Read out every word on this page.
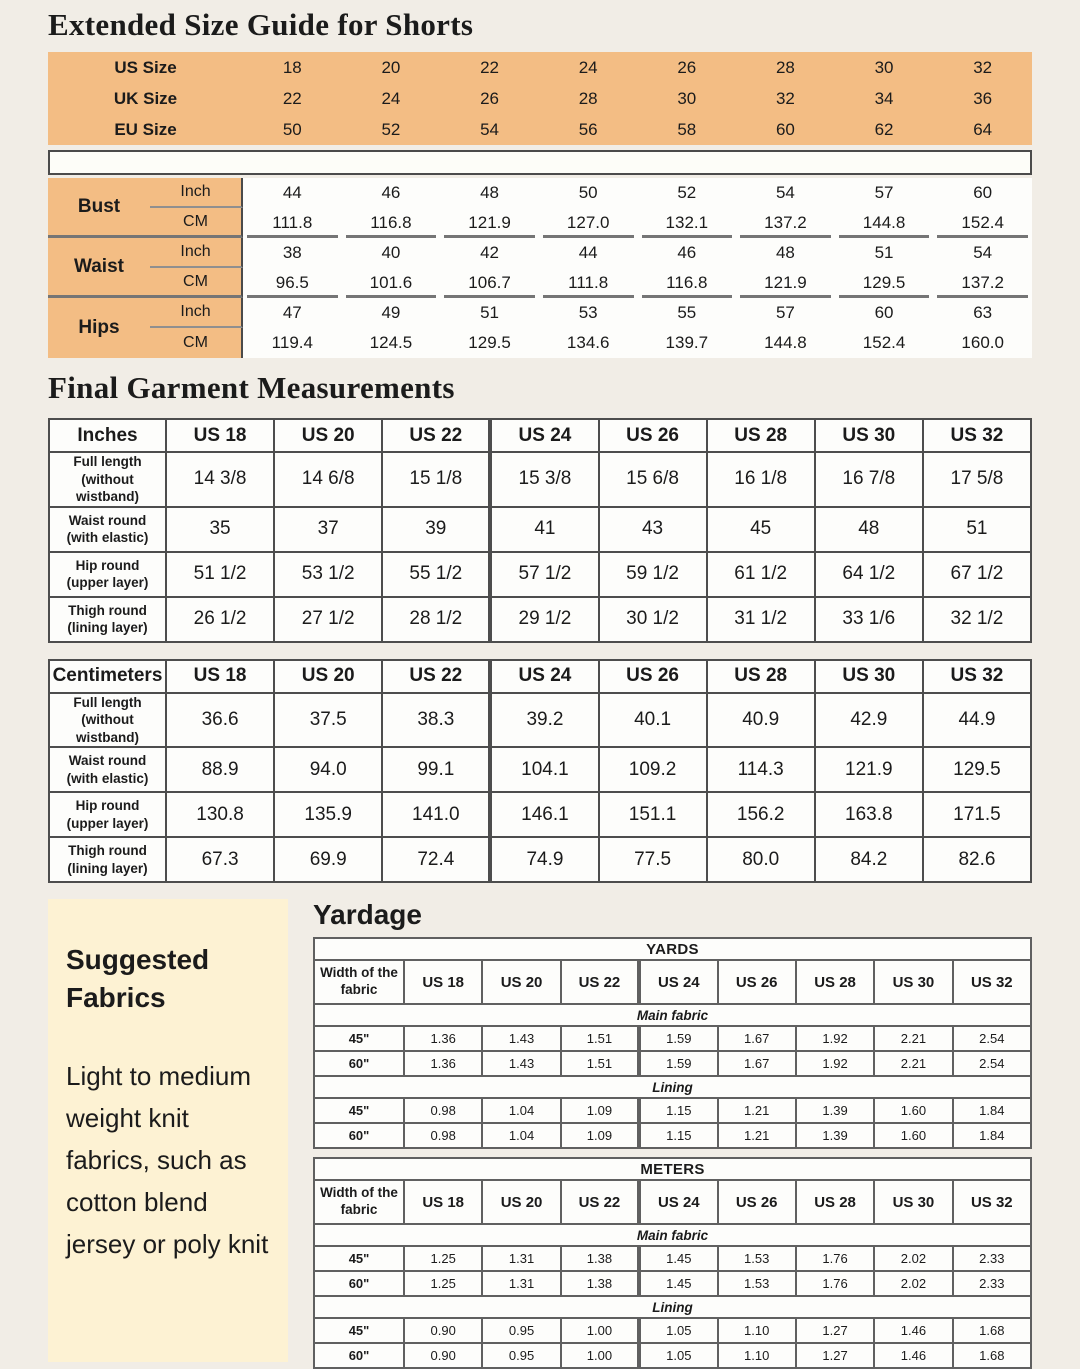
Extended Size Guide for Shorts
US Size	18	20	22	24	26	28	30	32
UK Size	22	24	26	28	30	32	34	36
EU Size	50	52	54	56	58	60	62	64
Bust
Inch	44	46	48	50	52	54	57	60
CM	111.8	116.8	121.9	127.0	132.1	137.2	144.8	152.4
Waist
Inch	38	40	42	44	46	48	51	54
CM	96.5	101.6	106.7	111.8	116.8	121.9	129.5	137.2
Hips
Inch	47	49	51	53	55	57	60	63
CM	119.4	124.5	129.5	134.6	139.7	144.8	152.4	160.0
Final Garment Measurements
Inches	US 18	US 20	US 22	US 24	US 26	US 28	US 30	US 32

Full length
(without wistband)	14 3/8	14 6/8	15 1/8	15 3/8	15 6/8	16 1/8	16 7/8	17 5/8

Waist round
(with elastic)	35	37	39	41	43	45	48	51

Hip round
(upper layer)	51 1/2	53 1/2	55 1/2	57 1/2	59 1/2	61 1/2	64 1/2	67 1/2

Thigh round
(lining layer)	26 1/2	27 1/2	28 1/2	29 1/2	30 1/2	31 1/2	33 1/6	32 1/2
Centimeters	US 18	US 20	US 22	US 24	US 26	US 28	US 30	US 32

Full length
(without wistband)	36.6	37.5	38.3	39.2	40.1	40.9	42.9	44.9

Waist round
(with elastic)	88.9	94.0	99.1	104.1	109.2	114.3	121.9	129.5

Hip round
(upper layer)	130.8	135.9	141.0	146.1	151.1	156.2	163.8	171.5

Thigh round
(lining layer)	67.3	69.9	72.4	74.9	77.5	80.0	84.2	82.6

Suggested Fabrics

Light to medium weight knit fabrics, such as cotton blend jersey or poly knit

Yardage

YARDS								
Width of the fabric	US 18	US 20	US 22	US 24	US 26	US 28	US 30	US 32
Main fabric								
45"	1.36	1.43	1.51	1.59	1.67	1.92	2.21	2.54
60"	1.36	1.43	1.51	1.59	1.67	1.92	2.21	2.54
Lining								
45"	0.98	1.04	1.09	1.15	1.21	1.39	1.60	1.84
60"	0.98	1.04	1.09	1.15	1.21	1.39	1.60	1.84
METERS								
Width of the fabric	US 18	US 20	US 22	US 24	US 26	US 28	US 30	US 32
Main fabric								
45"	1.25	1.31	1.38	1.45	1.53	1.76	2.02	2.33
60"	1.25	1.31	1.38	1.45	1.53	1.76	2.02	2.33
Lining								
45"	0.90	0.95	1.00	1.05	1.10	1.27	1.46	1.68
60"	0.90	0.95	1.00	1.05	1.10	1.27	1.46	1.68
